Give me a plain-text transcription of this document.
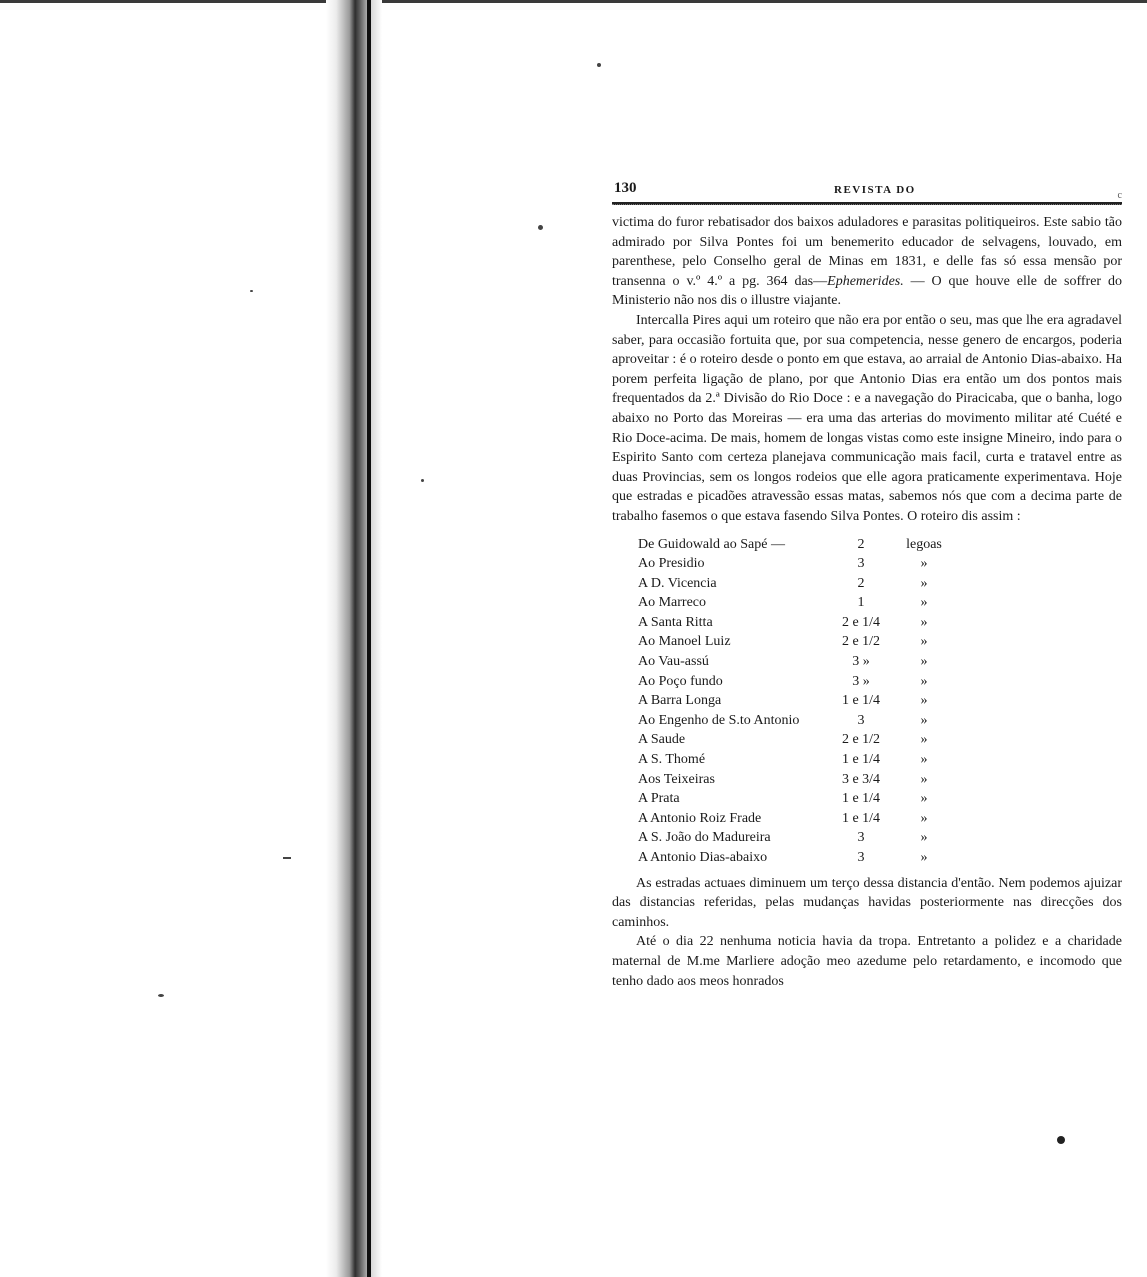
130	REVISTA DO	c

victima do furor rebatisador dos baixos aduladores e parasitas politiqueiros. Este sabio tão admirado por Silva Pontes foi um benemerito educador de selvagens, louvado, em parenthese, pelo Conselho geral de Minas em 1831, e delle fas só essa mensão por transenna o v.º 4.º a pg. 364 das—Ephemerides. — O que houve elle de soffrer do Ministerio não nos dis o illustre viajante.

Intercalla Pires aqui um roteiro que não era por então o seu, mas que lhe era agradavel saber, para occasião fortuita que, por sua competencia, nesse genero de encargos, poderia aproveitar : é o roteiro desde o ponto em que estava, ao arraial de Antonio Dias-abaixo. Ha porem perfeita ligação de plano, por que Antonio Dias era então um dos pontos mais frequentados da 2.ª Divisão do Rio Doce : e a navegação do Piracicaba, que o banha, logo abaixo no Porto das Moreiras — era uma das arterias do movimento militar até Cuété e Rio Doce-acima. De mais, homem de longas vistas como este insigne Mineiro, indo para o Espirito Santo com certeza planejava communicação mais facil, curta e tratavel entre as duas Provincias, sem os longos rodeios que elle agora praticamente experimentava. Hoje que estradas e picadões atravessão essas matas, sabemos nós que com a decima parte de trabalho fasemos o que estava fasendo Silva Pontes. O roteiro dis assim :

De Guidowald ao Sapé —	2	legoas
Ao Presidio	3	»
A D. Vicencia	2	»
Ao Marreco	1	»
A Santa Ritta	2 e 1/4	»
Ao Manoel Luiz	2 e 1/2	»
Ao Vau-assú	3 »	»
Ao Poço fundo	3 »	»
A Barra Longa	1 e 1/4	»
Ao Engenho de S.to Antonio	3	»
A Saude	2 e 1/2	»
A S. Thomé	1 e 1/4	»
Aos Teixeiras	3 e 3/4	»
A Prata	1 e 1/4	»
A Antonio Roiz Frade	1 e 1/4	»
A S. João do Madureira	3	»
A Antonio Dias-abaixo	3	»

As estradas actuaes diminuem um terço dessa distancia d'então. Nem podemos ajuizar das distancias referidas, pelas mudanças havidas posteriormente nas direcções dos caminhos.

Até o dia 22 nenhuma noticia havia da tropa. Entretanto a polidez e a charidade maternal de M.me Marliere adoção meo azedume pelo retardamento, e incomodo que tenho dado aos meos honrados
